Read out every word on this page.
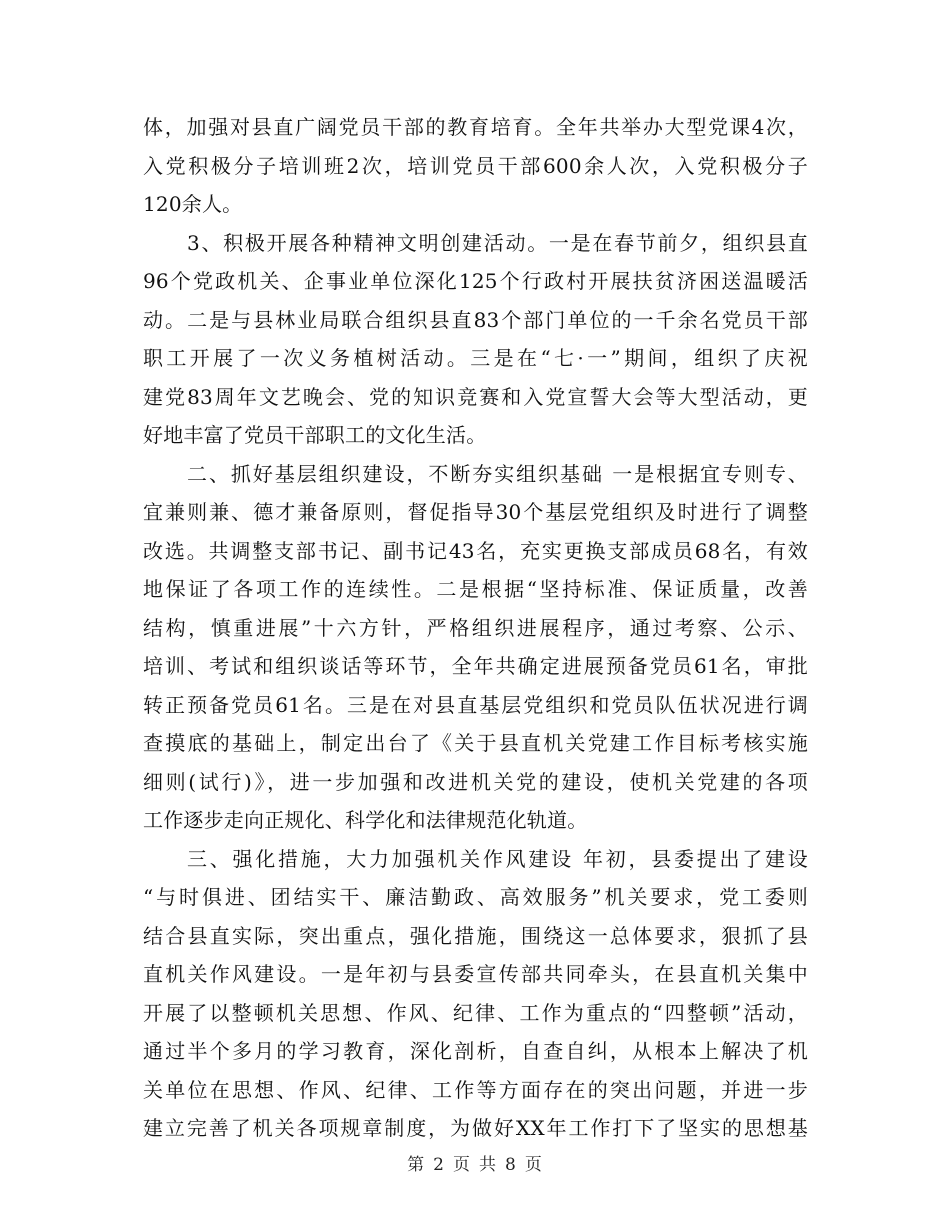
体，加强对县直广阔党员干部的教育培育。全年共举办大型党课4次，
入党积极分子培训班2次，培训党员干部600余人次，入党积极分子
120余人。
3、积极开展各种精神文明创建活动。一是在春节前夕，组织县直
96个党政机关、企事业单位深化125个行政村开展扶贫济困送温暖活
动。二是与县林业局联合组织县直83个部门单位的一千余名党员干部
职工开展了一次义务植树活动。三是在“七·一”期间，组织了庆祝
建党83周年文艺晚会、党的知识竞赛和入党宣誓大会等大型活动，更
好地丰富了党员干部职工的文化生活。
二、抓好基层组织建设，不断夯实组织基础 一是根据宜专则专、
宜兼则兼、德才兼备原则，督促指导30个基层党组织及时进行了调整
改选。共调整支部书记、副书记43名，充实更换支部成员68名，有效
地保证了各项工作的连续性。二是根据“坚持标准、保证质量，改善
结构，慎重进展”十六方针，严格组织进展程序，通过考察、公示、
培训、考试和组织谈话等环节，全年共确定进展预备党员61名，审批
转正预备党员61名。三是在对县直基层党组织和党员队伍状况进行调
查摸底的基础上，制定出台了《关于县直机关党建工作目标考核实施
细则(试行)》，进一步加强和改进机关党的建设，使机关党建的各项
工作逐步走向正规化、科学化和法律规范化轨道。
三、强化措施，大力加强机关作风建设 年初，县委提出了建设
“与时俱进、团结实干、廉洁勤政、高效服务”机关要求，党工委则
结合县直实际，突出重点，强化措施，围绕这一总体要求，狠抓了县
直机关作风建设。一是年初与县委宣传部共同牵头，在县直机关集中
开展了以整顿机关思想、作风、纪律、工作为重点的“四整顿”活动，
通过半个多月的学习教育，深化剖析，自查自纠，从根本上解决了机
关单位在思想、作风、纪律、工作等方面存在的突出问题，并进一步
建立完善了机关各项规章制度，为做好XX年工作打下了坚实的思想基
第 2 页 共 8 页
